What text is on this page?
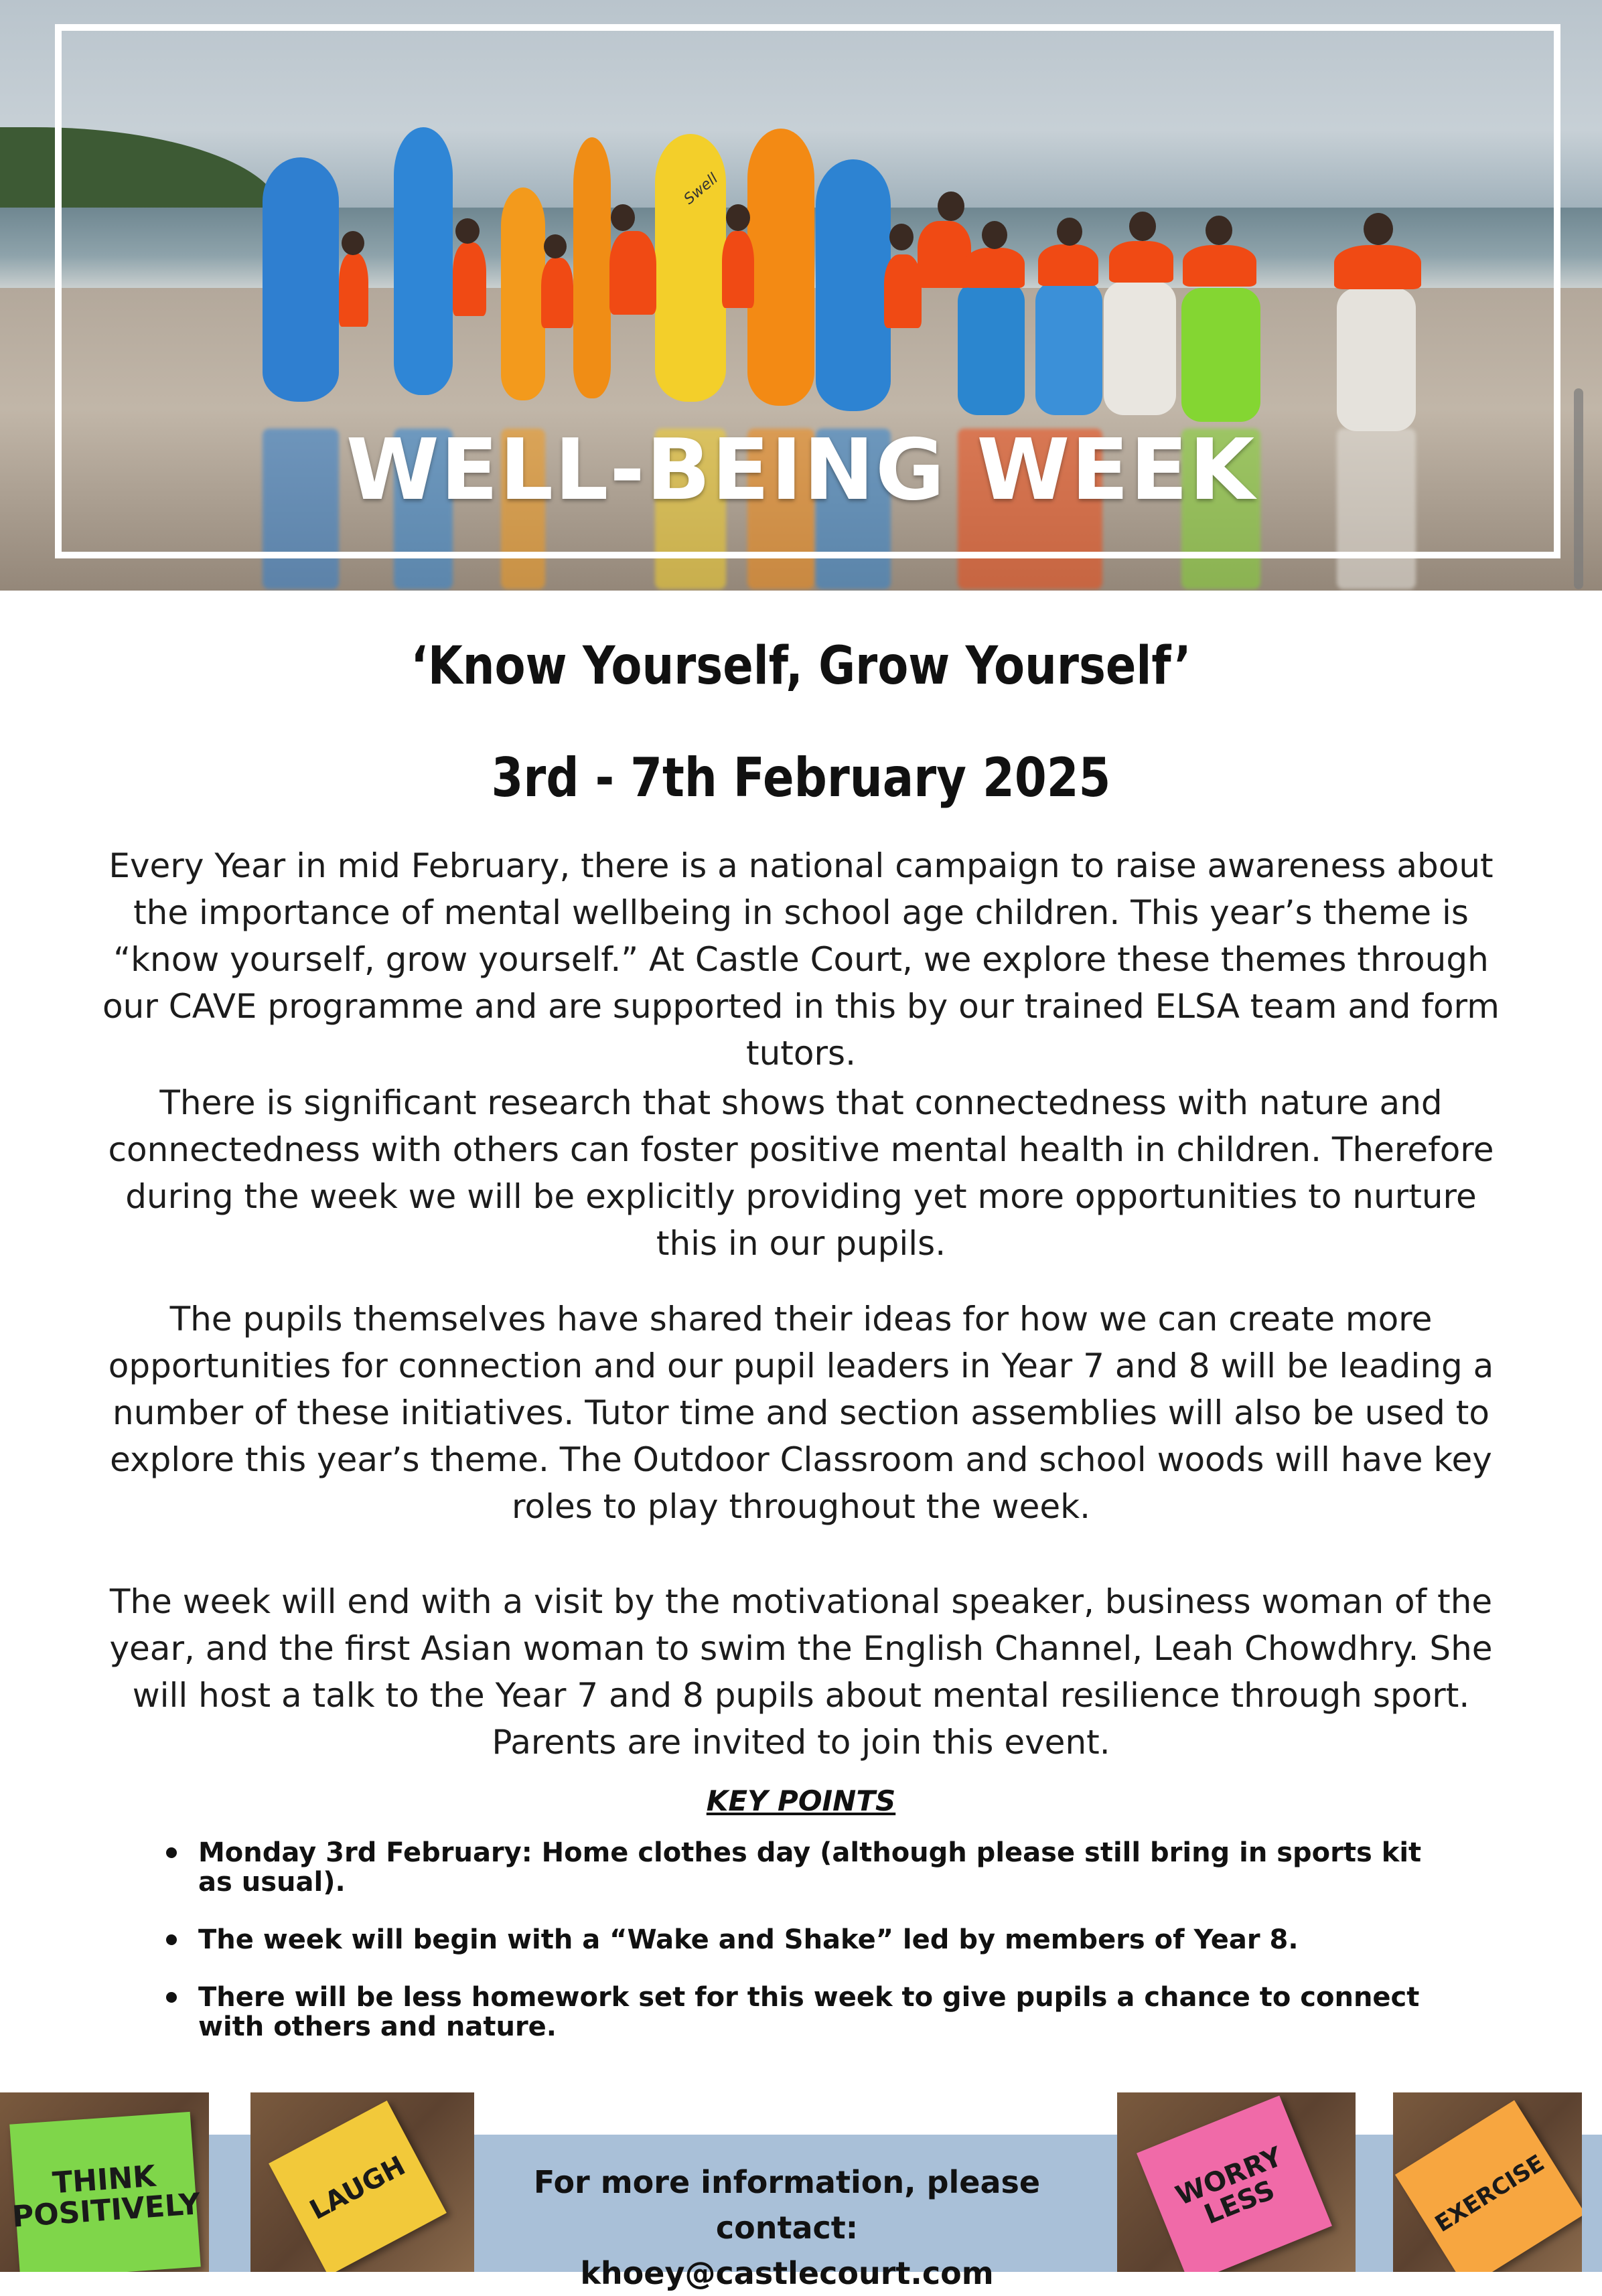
Swell
WELL-BEING WEEK
‘Know Yourself, Grow Yourself’
3rd - 7th February 2025

Every Year in mid February, there is a national campaign to raise awareness about the importance of mental wellbeing in school age children. This year’s theme is “know yourself, grow yourself.” At Castle Court, we explore these themes through our CAVE programme and are supported in this by our trained ELSA team and form tutors.

There is significant research that shows that connectedness with nature and connectedness with others can foster positive mental health in children. Therefore during the week we will be explicitly providing yet more opportunities to nurture this in our pupils.

The pupils themselves have shared their ideas for how we can create more opportunities for connection and our pupil leaders in Year 7 and 8 will be leading a number of these initiatives. Tutor time and section assemblies will also be used to explore this year’s theme. The Outdoor Classroom and school woods will have key roles to play throughout the week.

The week will end with a visit by the motivational speaker, business woman of the year, and the first Asian woman to swim the English Channel, Leah Chowdhry. She will host a talk to the Year 7 and 8 pupils about mental resilience through sport. Parents are invited to join this event.

KEY POINTS
Monday 3rd February: Home clothes day (although please still bring in sports kit as usual).
The week will begin with a “Wake and Shake” led by members of Year 8.
There will be less homework set for this week to give pupils a chance to connect with others and nature.
THINK POSITIVELY	LAUGH	WORRY LESS	EXERCISE
For more information, please contact:
khoey@castlecourt.com
